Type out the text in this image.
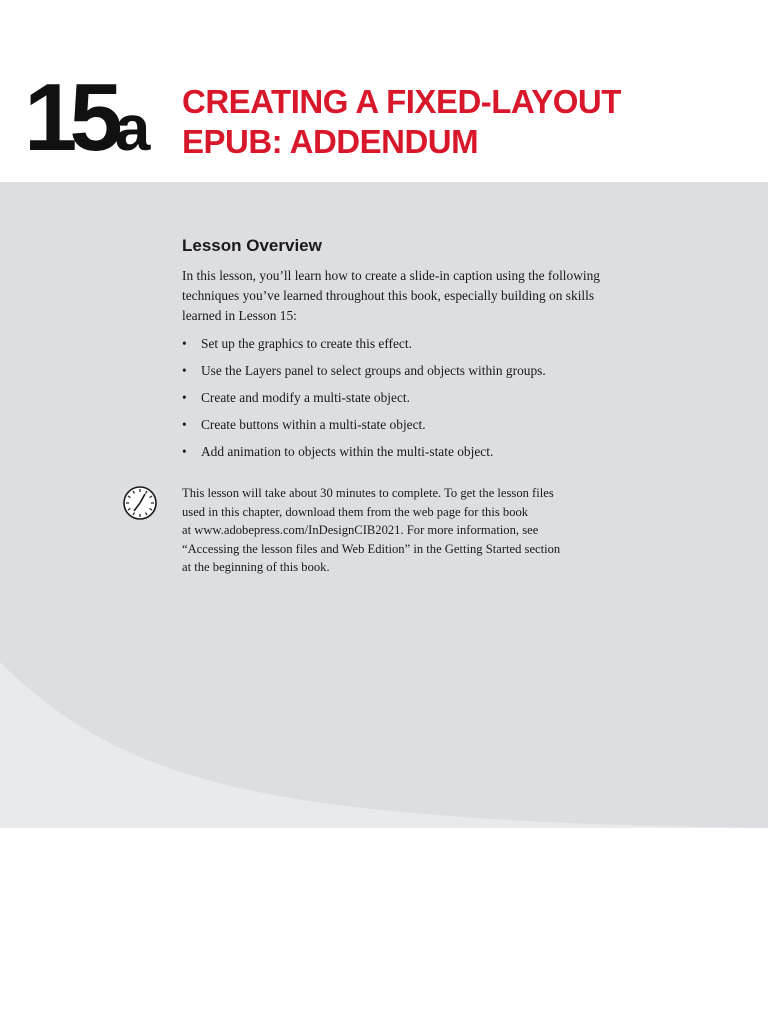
15a CREATING A FIXED-LAYOUT
EPUB: ADDENDUM
Lesson Overview

In this lesson, you’ll learn how to create a slide-in caption using the following techniques you’ve learned throughout this book, especially building on skills learned in Lesson 15:

• Set up the graphics to create this effect.
• Use the Layers panel to select groups and objects within groups.
• Create and modify a multi-state object.
• Create buttons within a multi-state object.
• Add animation to objects within the multi-state object.

This lesson will take about 30 minutes to complete. To get the lesson files
used in this chapter, download them from the web page for this book
at www.adobepress.com/InDesignCIB2021. For more information, see
“Accessing the lesson files and Web Edition” in the Getting Started section
at the beginning of this book.
